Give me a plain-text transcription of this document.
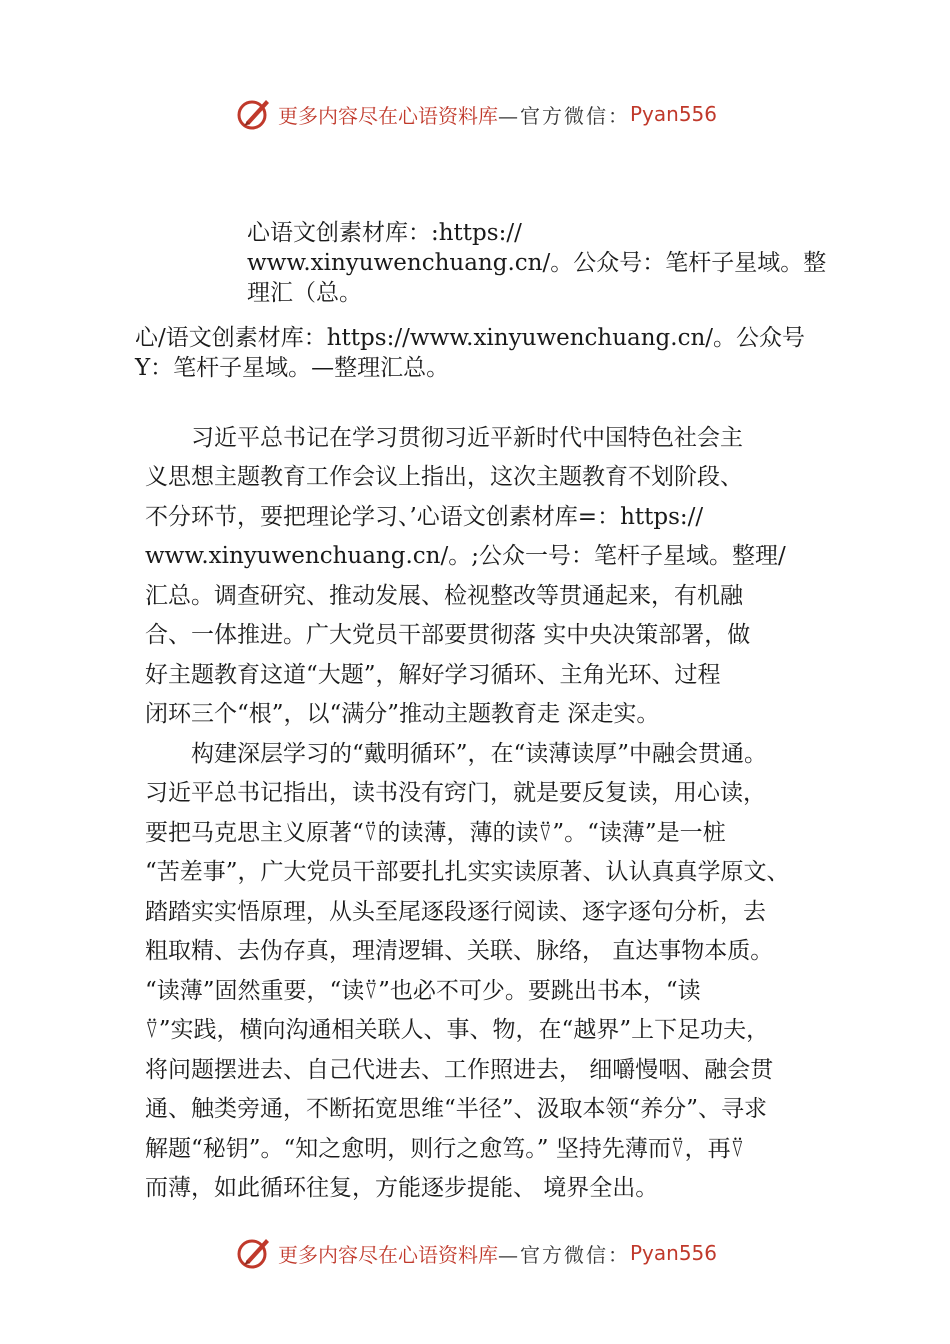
更多内容尽在心语资料库 —官方微信： Pyan556
心语文创素材库：:https://
www.xinyuwenchuang.cn/。公众号：笔杆子星域。整
理汇（总。
心/语文创素材库：https://www.xinyuwenchuang.cn/。公众号
Y：笔杆子星域。—整理汇总。
　　习近平总书记在学习贯彻习近平新时代中国特色社会主
义思想主题教育工作会议上指出，这次主题教育不划阶段、
不分环节，要把理论学习、’心语文创素材库=：https://
www.xinyuwenchuang.cn/。;公众一号：笔杆子星域。整理/
汇总。调查研究、推动发展、检视整改等贯通起来，有机融
合、一体推进。广大党员干部要贯彻落 实中央决策部署，做
好主题教育这道“大题”，解好学习循环、主角光环、过程
闭环三个“根”，以“满分”推动主题教育走 深走实。
　　构建深层学习的“戴明循环”，在“读薄读厚”中融会贯通。
习近平总书记指出，读书没有窍门，就是要反复读，用心读，
要把马克思主义原著“⍢的读薄，薄的读⍢”。“读薄”是一桩
“苦差事”，广大党员干部要扎扎实实读原著、认认真真学原文、
踏踏实实悟原理，从头至尾逐段逐行阅读、逐字逐句分析，去
粗取精、去伪存真，理清逻辑、关联、脉络， 直达事物本质。
“读薄”固然重要，“读⍢”也必不可少。要跳出书本，“读
⍢”实践，横向沟通相关联人、事、物，在“越界”上下足功夫，
将问题摆进去、自己代进去、工作照进去， 细嚼慢咽、融会贯
通、触类旁通，不断拓宽思维“半径”、汲取本领“养分”、寻求
解题“秘钥”。“知之愈明，则行之愈笃。” 坚持先薄而⍢，再⍢
而薄，如此循环往复，方能逐步提能、 境界全出。
更多内容尽在心语资料库 —官方微信： Pyan556
